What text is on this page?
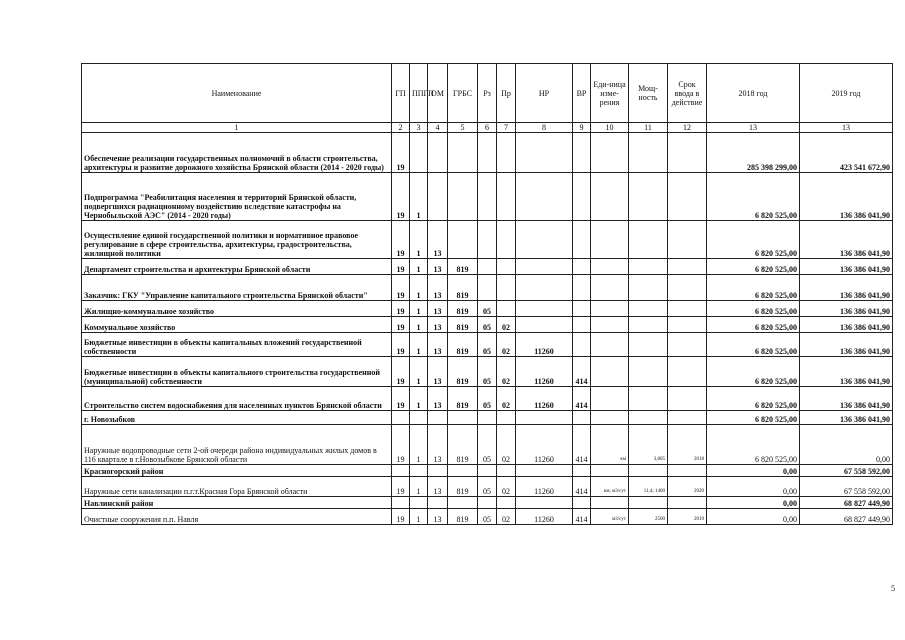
Наименование	ГП	ППГП	ОМ	ГРБС	Рз	Пр	НР	ВР	Еди-ница изме-рения	Мощ-ность	Срок ввода в действие	2018 год	2019 год
1	2	3	4	5	6	7	8	9	10	11	12	13	13
Обеспечение реализации государственных полномочий в области строительства, архитектуры и развитие дорожного хозяйства Брянской области (2014 - 2020 годы)	19											285 398 299,00	423 541 672,90
Подпрограмма "Реабилитация населения и территорий Брянской области, подвергшихся радиационному воздействию вследствие катастрофы на Чернобыльской АЭС" (2014 - 2020 годы)	19	1										6 820 525,00	136 386 041,90
Осуществление единой государственной политики и нормативное правовое регулирование в сфере строительства, архитектуры, градостроительства, жилищной политики	19	1	13									6 820 525,00	136 386 041,90
Департамент строительства и архитектуры Брянской области	19	1	13	819								6 820 525,00	136 386 041,90
Заказчик: ГКУ "Управление капитального строительства Брянской области"	19	1	13	819								6 820 525,00	136 386 041,90
Жилищно-коммунальное хозяйство	19	1	13	819	05							6 820 525,00	136 386 041,90
Коммунальное хозяйство	19	1	13	819	05	02						6 820 525,00	136 386 041,90
Бюджетные инвестиции в объекты капитальных вложений государственной собственности	19	1	13	819	05	02	11260					6 820 525,00	136 386 041,90
Бюджетные инвестиции в объекты капитального строительства государственной (муниципальной) собственности	19	1	13	819	05	02	11260	414				6 820 525,00	136 386 041,90
Строительство систем водоснабжения для населенных пунктов Брянской области	19	1	13	819	05	02	11260	414				6 820 525,00	136 386 041,90
г. Новозыбков												6 820 525,00	136 386 041,90
Наружные водопроводные сети 2-ой очереди района индивидуальных жилых домов в 116 квартале в г.Новозыбкове Брянской области	19	1	13	819	05	02	11260	414	км	3,805	2018	6 820 525,00	0,00
Красногорский район												0,00	67 558 592,00
Наружные сети канализации п.г.т.Красная Гора Брянской области	19	1	13	819	05	02	11260	414	км, м3/сут	11,4; 1400	2020	0,00	67 558 592,00
Навлинский район												0,00	68 827 449,90
Очистные сооружения п.п. Навля	19	1	13	819	05	02	11260	414	м3/сут	2500	2019	0,00	68 827 449,90
5
